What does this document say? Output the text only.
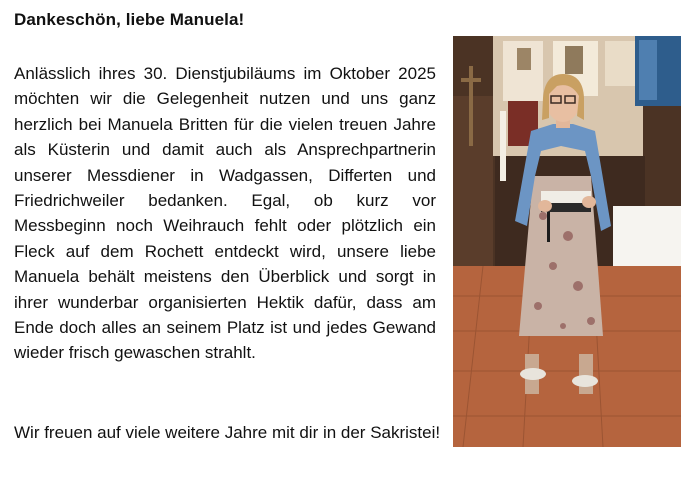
Dankeschön, liebe Manuela!

Anlässlich ihres 30. Dienstjubiläums im Oktober 2025 möchten wir die Gelegenheit nutzen und uns ganz herzlich bei Manuela Britten für die vielen treuen Jahre als Küsterin und damit auch als Ansprechpartnerin unserer Messdiener in Wadgassen, Differten und Friedrichweiler bedanken. Egal, ob kurz vor Messbeginn noch Weihrauch fehlt oder plötzlich ein Fleck auf dem Rochett entdeckt wird, unsere liebe Manuela behält meistens den Überblick und sorgt in ihrer wunderbar organisierten Hektik dafür, dass am Ende doch alles an seinem Platz ist und jedes Gewand wieder frisch gewaschen strahlt.

Wir freuen auf viele weitere Jahre mit dir in der Sakristei!
